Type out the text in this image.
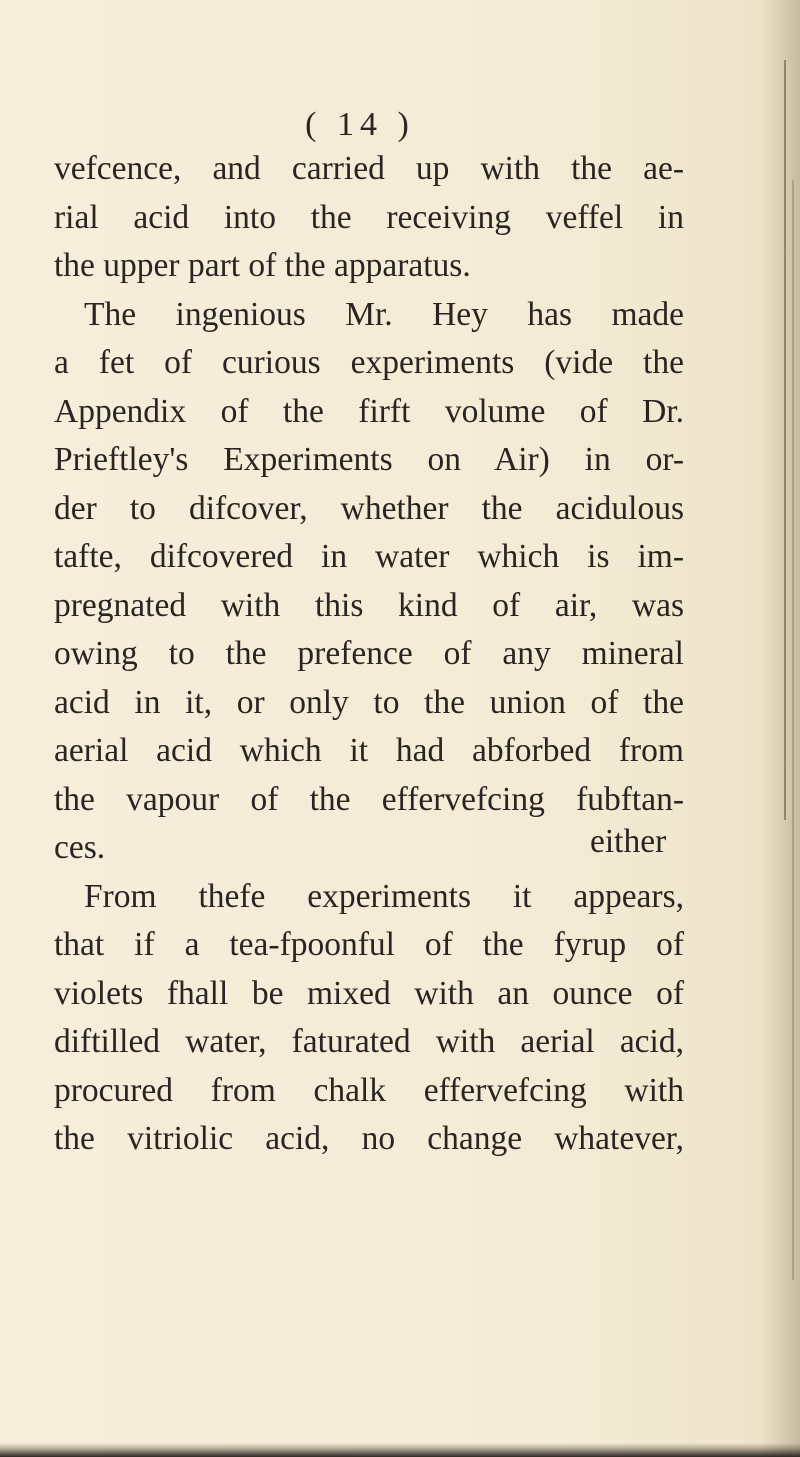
( 14 )
vefcence, and carried up with the ae-
rial acid into the receiving veffel in
the upper part of the apparatus.
The ingenious Mr. Hey has made
a fet of curious experiments (vide the
Appendix of the firft volume of Dr.
Prieftley's Experiments on Air) in or-
der to difcover, whether the acidulous
tafte, difcovered in water which is im-
pregnated with this kind of air, was
owing to the prefence of any mineral
acid in it, or only to the union of the
aerial acid which it had abforbed from
the vapour of the effervefcing fubftan-
ces.
From thefe experiments it appears,
that if a tea-fpoonful of the fyrup of
violets fhall be mixed with an ounce of
diftilled water, faturated with aerial acid,
procured from chalk effervefcing with
the vitriolic acid, no change whatever,
either
